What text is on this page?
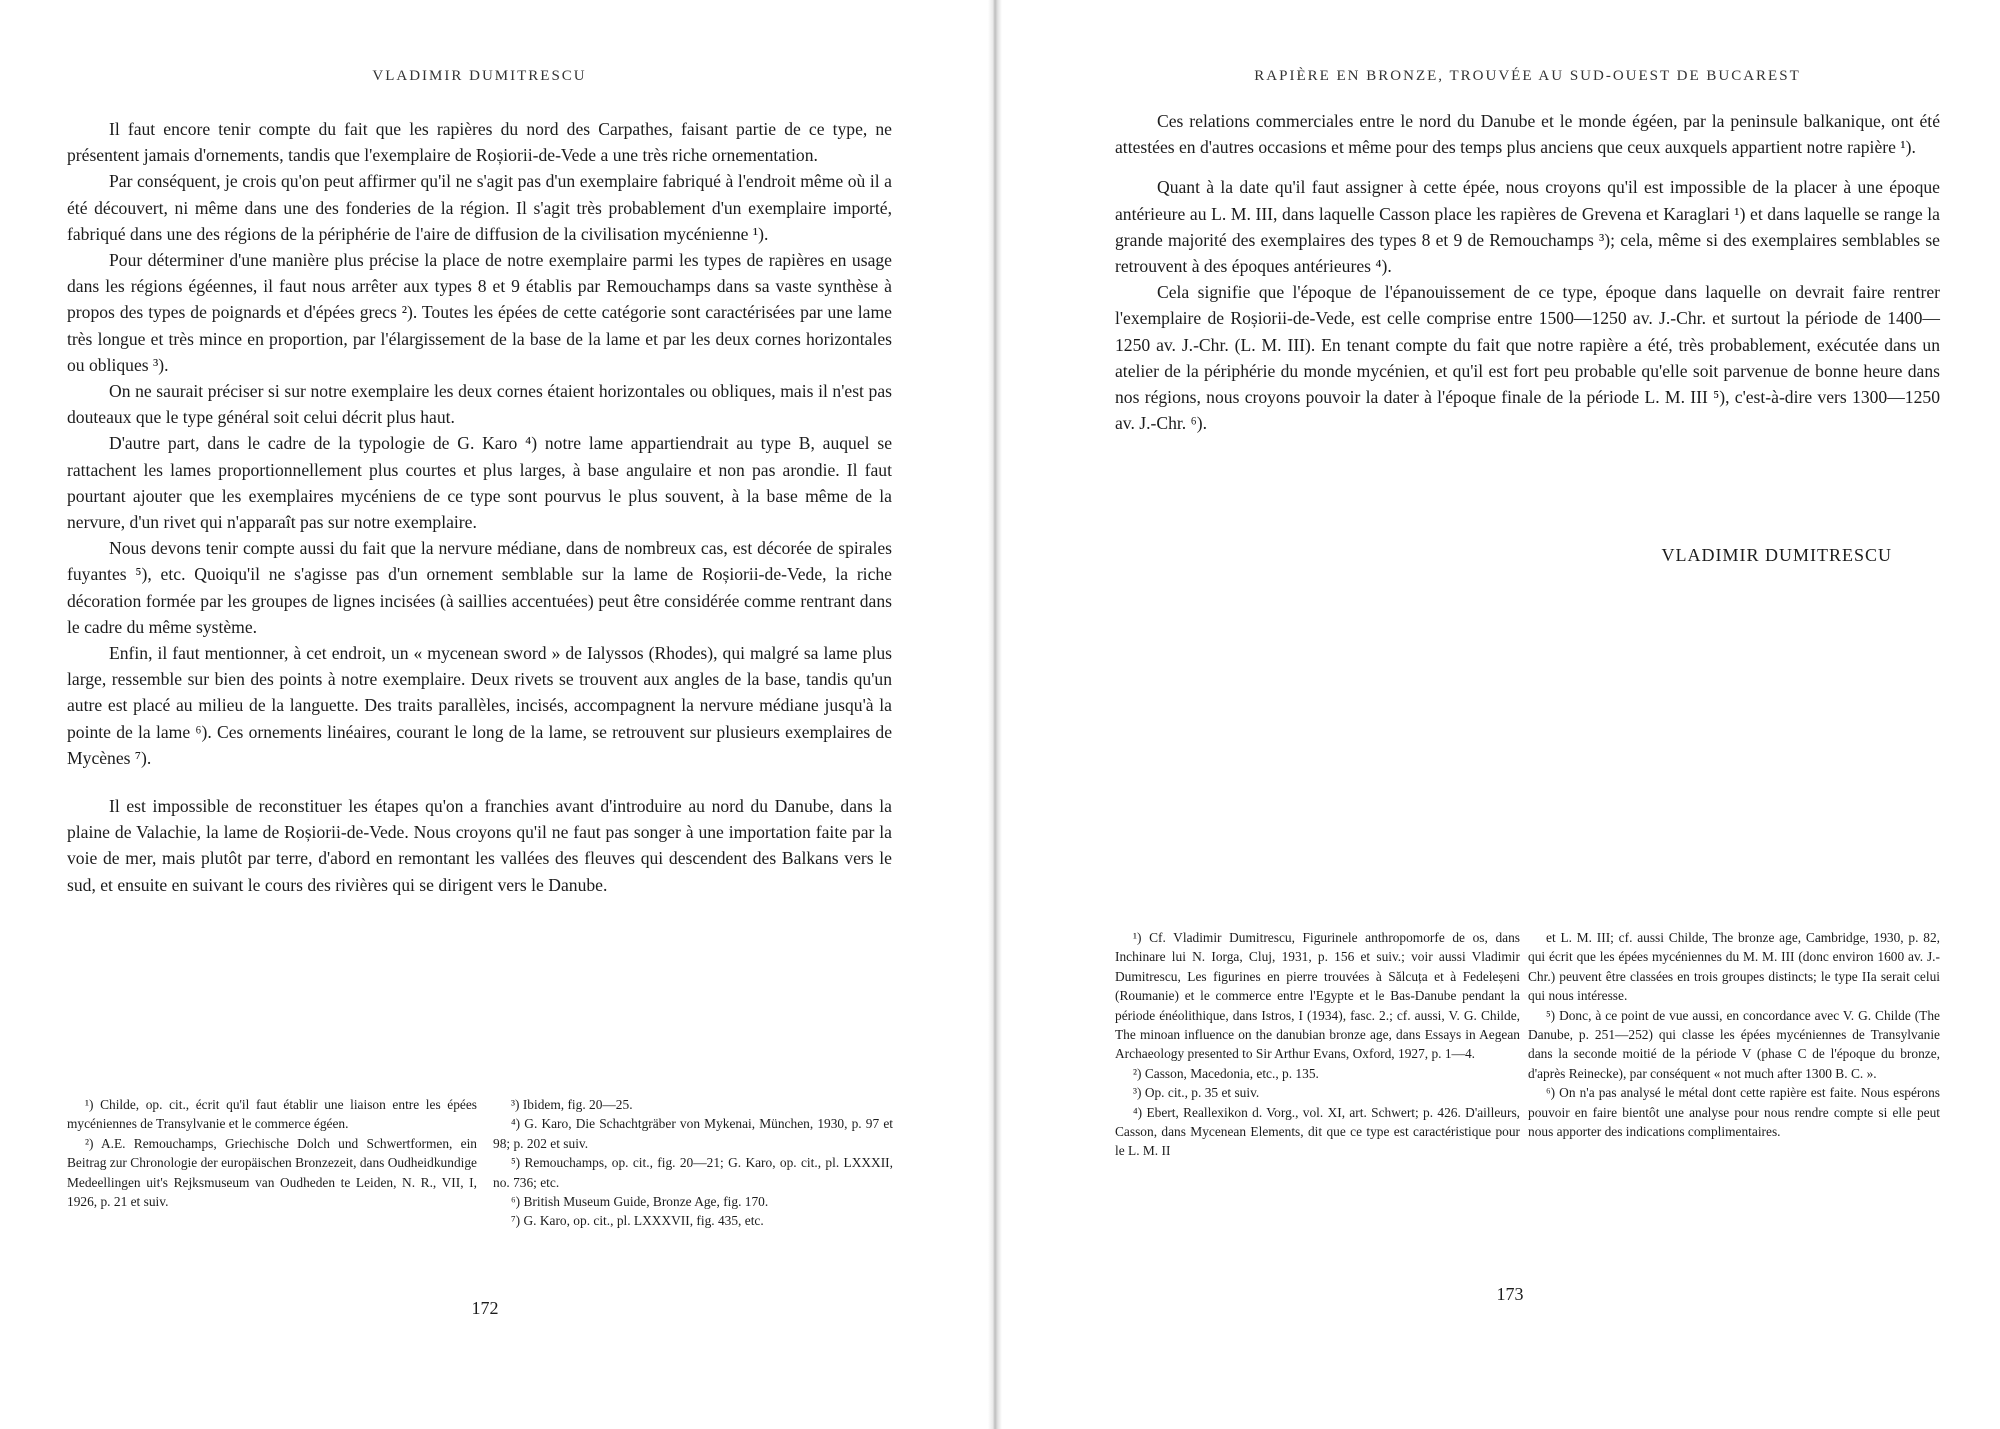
VLADIMIR DUMITRESCU

Il faut encore tenir compte du fait que les rapières du nord des Carpathes, faisant partie de ce type, ne présentent jamais d'ornements, tandis que l'exemplaire de Roșiorii-de-Vede a une très riche ornementation.

Par conséquent, je crois qu'on peut affirmer qu'il ne s'agit pas d'un exemplaire fabriqué à l'endroit même où il a été découvert, ni même dans une des fonderies de la région. Il s'agit très probablement d'un exemplaire importé, fabriqué dans une des régions de la périphérie de l'aire de diffusion de la civilisation mycénienne ¹).

Pour déterminer d'une manière plus précise la place de notre exemplaire parmi les types de rapières en usage dans les régions égéennes, il faut nous arrêter aux types 8 et 9 établis par Remouchamps dans sa vaste synthèse à propos des types de poignards et d'épées grecs ²). Toutes les épées de cette catégorie sont caractérisées par une lame très longue et très mince en proportion, par l'élargissement de la base de la lame et par les deux cornes horizontales ou obliques ³).

On ne saurait préciser si sur notre exemplaire les deux cornes étaient horizontales ou obliques, mais il n'est pas douteaux que le type général soit celui décrit plus haut.

D'autre part, dans le cadre de la typologie de G. Karo ⁴) notre lame appartiendrait au type B, auquel se rattachent les lames proportionnellement plus courtes et plus larges, à base angulaire et non pas arondie. Il faut pourtant ajouter que les exemplaires mycéniens de ce type sont pourvus le plus souvent, à la base même de la nervure, d'un rivet qui n'apparaît pas sur notre exemplaire.

Nous devons tenir compte aussi du fait que la nervure médiane, dans de nombreux cas, est décorée de spirales fuyantes ⁵), etc. Quoiqu'il ne s'agisse pas d'un ornement semblable sur la lame de Roșiorii-de-Vede, la riche décoration formée par les groupes de lignes incisées (à saillies accentuées) peut être considérée comme rentrant dans le cadre du même système.

Enfin, il faut mentionner, à cet endroit, un « mycenean sword » de Ialyssos (Rhodes), qui malgré sa lame plus large, ressemble sur bien des points à notre exemplaire. Deux rivets se trouvent aux angles de la base, tandis qu'un autre est placé au milieu de la languette. Des traits parallèles, incisés, accompagnent la nervure médiane jusqu'à la pointe de la lame ⁶). Ces ornements linéaires, courant le long de la lame, se retrouvent sur plusieurs exemplaires de Mycènes ⁷).

Il est impossible de reconstituer les étapes qu'on a franchies avant d'introduire au nord du Danube, dans la plaine de Valachie, la lame de Roșiorii-de-Vede. Nous croyons qu'il ne faut pas songer à une importation faite par la voie de mer, mais plutôt par terre, d'abord en remontant les vallées des fleuves qui descendent des Balkans vers le sud, et ensuite en suivant le cours des rivières qui se dirigent vers le Danube.

¹) Childe, op. cit., écrit qu'il faut établir une liaison entre les épées mycéniennes de Transylvanie et le commerce égéen.

²) A.E. Remouchamps, Griechische Dolch und Schwertformen, ein Beitrag zur Chronologie der europäischen Bronzezeit, dans Oudheidkundige Medeellingen uit's Rejksmuseum van Oudheden te Leiden, N. R., VII, I, 1926, p. 21 et suiv.

³) Ibidem, fig. 20—25.

⁴) G. Karo, Die Schachtgräber von Mykenai, München, 1930, p. 97 et 98; p. 202 et suiv.

⁵) Remouchamps, op. cit., fig. 20—21; G. Karo, op. cit., pl. LXXXII, no. 736; etc.

⁶) British Museum Guide, Bronze Age, fig. 170.

⁷) G. Karo, op. cit., pl. LXXXVII, fig. 435, etc.

172
RAPIÈRE EN BRONZE, TROUVÉE AU SUD-OUEST DE BUCAREST

Ces relations commerciales entre le nord du Danube et le monde égéen, par la peninsule balkanique, ont été attestées en d'autres occasions et même pour des temps plus anciens que ceux auxquels appartient notre rapière ¹).

Quant à la date qu'il faut assigner à cette épée, nous croyons qu'il est impossible de la placer à une époque antérieure au L. M. III, dans laquelle Casson place les rapières de Grevena et Karaglari ¹) et dans laquelle se range la grande majorité des exemplaires des types 8 et 9 de Remouchamps ³); cela, même si des exemplaires semblables se retrouvent à des époques antérieures ⁴).

Cela signifie que l'époque de l'épanouissement de ce type, époque dans laquelle on devrait faire rentrer l'exemplaire de Roșiorii-de-Vede, est celle comprise entre 1500—1250 av. J.-Chr. et surtout la période de 1400—1250 av. J.-Chr. (L. M. III). En tenant compte du fait que notre rapière a été, très probablement, exécutée dans un atelier de la périphérie du monde mycénien, et qu'il est fort peu probable qu'elle soit parvenue de bonne heure dans nos régions, nous croyons pouvoir la dater à l'époque finale de la période L. M. III ⁵), c'est-à-dire vers 1300—1250 av. J.-Chr. ⁶).

¹) Cf. Vladimir Dumitrescu, Figurinele anthropomorfe de os, dans Inchinare lui N. Iorga, Cluj, 1931, p. 156 et suiv.; voir aussi Vladimir Dumitrescu, Les figurines en pierre trouvées à Sălcuța et à Fedeleșeni (Roumanie) et le commerce entre l'Egypte et le Bas-Danube pendant la période énéolithique, dans Istros, I (1934), fasc. 2.; cf. aussi, V. G. Childe, The minoan influence on the danubian bronze age, dans Essays in Aegean Archaeology presented to Sir Arthur Evans, Oxford, 1927, p. 1—4.

²) Casson, Macedonia, etc., p. 135.

³) Op. cit., p. 35 et suiv.

⁴) Ebert, Reallexikon d. Vorg., vol. XI, art. Schwert; p. 426. D'ailleurs, Casson, dans Mycenean Elements, dit que ce type est caractéristique pour le L. M. II

et L. M. III; cf. aussi Childe, The bronze age, Cambridge, 1930, p. 82, qui écrit que les épées mycéniennes du M. M. III (donc environ 1600 av. J.-Chr.) peuvent être classées en trois groupes distincts; le type IIa serait celui qui nous intéresse.

⁵) Donc, à ce point de vue aussi, en concordance avec V. G. Childe (The Danube, p. 251—252) qui classe les épées mycéniennes de Transylvanie dans la seconde moitié de la période V (phase C de l'époque du bronze, d'après Reinecke), par conséquent « not much after 1300 B. C. ».

⁶) On n'a pas analysé le métal dont cette rapière est faite. Nous espérons pouvoir en faire bientôt une analyse pour nous rendre compte si elle peut nous apporter des indications complimentaires.

173
VLADIMIR DUMITRESCU
